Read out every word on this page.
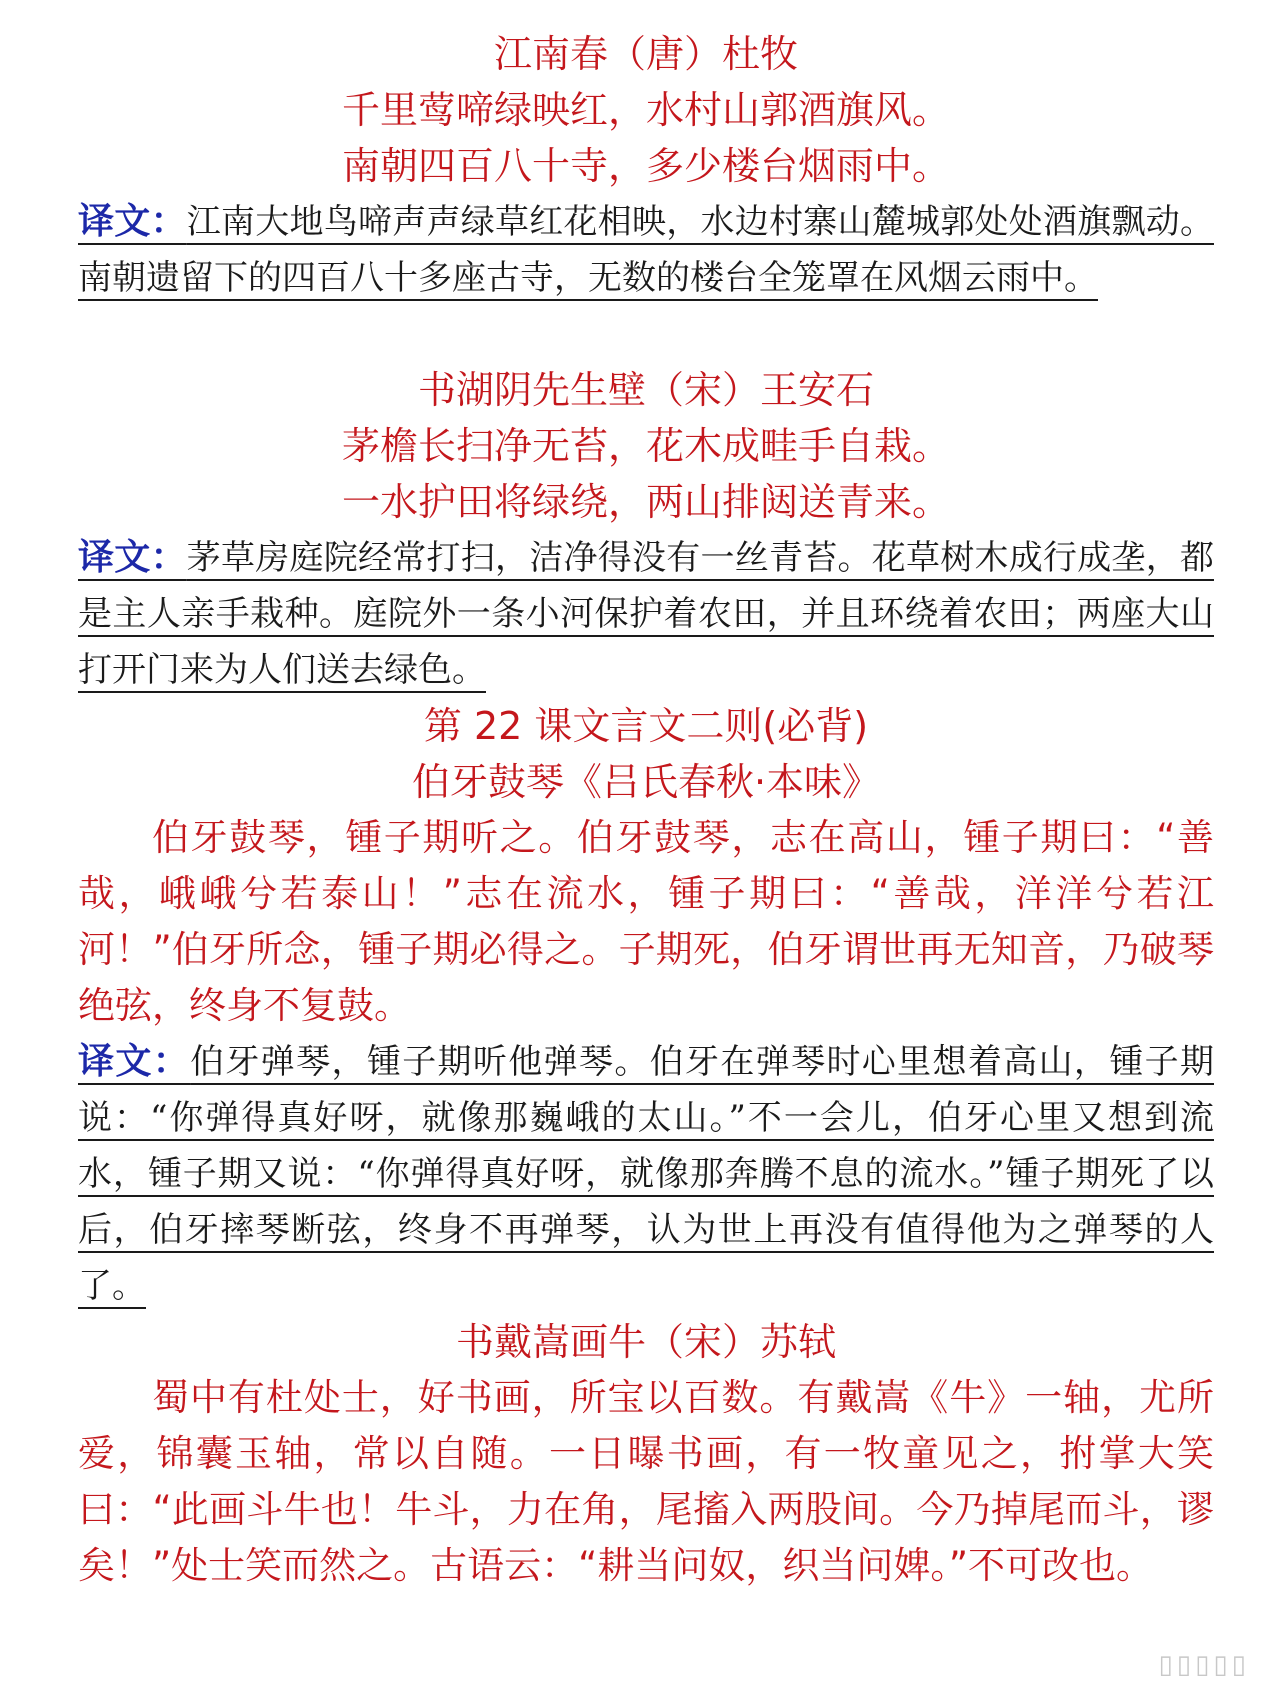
江南春（唐）杜牧
千里莺啼绿映红，水村山郭酒旗风。
南朝四百八十寺，多少楼台烟雨中。

译文：江南大地鸟啼声声绿草红花相映，水边村寨山麓城郭处处酒旗飘动。南朝遗留下的四百八十多座古寺，无数的楼台全笼罩在风烟云雨中。

书湖阴先生壁（宋）王安石
茅檐长扫净无苔，花木成畦手自栽。
一水护田将绿绕，两山排闼送青来。

译文：茅草房庭院经常打扫，洁净得没有一丝青苔。花草树木成行成垄，都是主人亲手栽种。庭院外一条小河保护着农田，并且环绕着农田；两座大山打开门来为人们送去绿色。

第 22 课文言文二则(必背)
伯牙鼓琴《吕氏春秋·本味》

伯牙鼓琴，锺子期听之。伯牙鼓琴，志在高山，锺子期曰：“善哉，峨峨兮若泰山！”志在流水，锺子期曰：“善哉，洋洋兮若江河！”伯牙所念，锺子期必得之。子期死，伯牙谓世再无知音，乃破琴绝弦，终身不复鼓。

译文：伯牙弹琴，锺子期听他弹琴。伯牙在弹琴时心里想着高山，锺子期说：“你弹得真好呀，就像那巍峨的太山。”不一会儿，伯牙心里又想到流水，锺子期又说：“你弹得真好呀，就像那奔腾不息的流水。”锺子期死了以后，伯牙摔琴断弦，终身不再弹琴，认为世上再没有值得他为之弹琴的人了。

书戴嵩画牛（宋）苏轼

蜀中有杜处士，好书画，所宝以百数。有戴嵩《牛》一轴，尤所爱，锦囊玉轴，常以自随。一日曝书画，有一牧童见之，拊掌大笑曰：“此画斗牛也！牛斗，力在角，尾搐入两股间。今乃掉尾而斗，谬矣！”处士笑而然之。古语云：“耕当问奴，织当问婢。”不可改也。

▯▯▯▯▯
